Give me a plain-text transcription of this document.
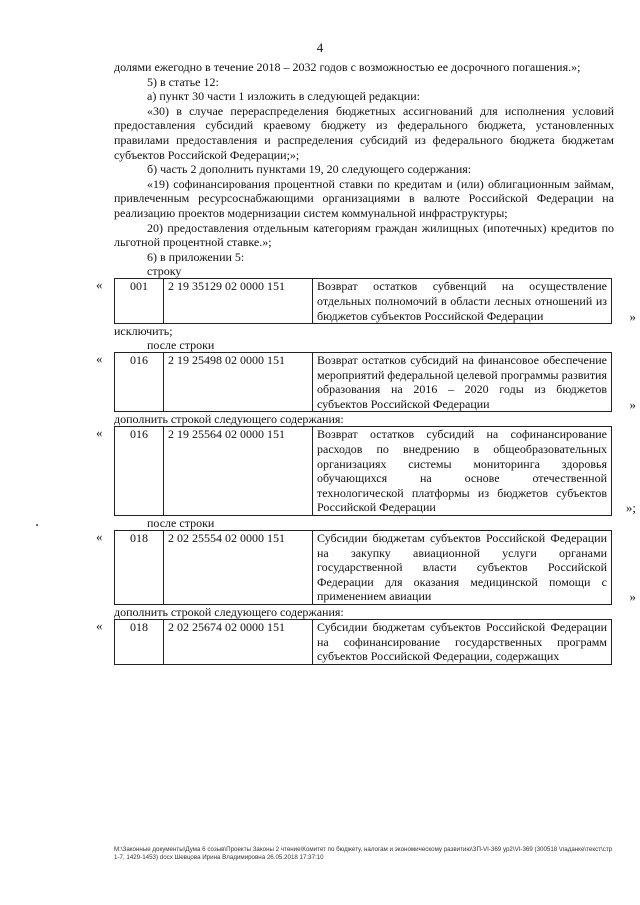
4

долями ежегодно в течение 2018 – 2032 годов с возможностью ее досрочного погашения.»;

5) в статье 12:

а) пункт 30 части 1 изложить в следующей редакции:

«30) в случае перераспределения бюджетных ассигнований для исполнения условий предоставления субсидий краевому бюджету из федерального бюджета, установленных правилами предоставления и распределения субсидий из федерального бюджета бюджетам субъектов Российской Федерации;»;

б) часть 2 дополнить пунктами 19, 20 следующего содержания:

«19) софинансирования процентной ставки по кредитам и (или) облигационным займам, привлеченным ресурсоснабжающими организациями в валюте Российской Федерации на реализацию проектов модернизации систем коммунальной инфраструктуры;

20) предоставления отдельным категориям граждан жилищных (ипотечных) кредитов по льготной процентной ставке.»;

6) в приложении 5:

строку

« 001	2 19 35129 02 0000 151	Возврат остатков субвенций на осуществление отдельных полномочий в области лесных отношений из бюджетов субъектов Российской Федерации	»

исключить;

после строки

« 016	2 19 25498 02 0000 151	Возврат остатков субсидий на финансовое обеспечение мероприятий федеральной целевой программы развития образования на 2016 – 2020 годы из бюджетов субъектов Российской Федерации	»

дополнить строкой следующего содержания:

« 016	2 19 25564 02 0000 151	Возврат остатков субсидий на софинансирование расходов по внедрению в общеобразовательных организациях системы мониторинга здоровья обучающихся на основе отечественной технологической платформы из бюджетов субъектов Российской Федерации	»;

после строки

« 018	2 02 25554 02 0000 151	Субсидии бюджетам субъектов Российской Федерации на закупку авиационной услуги органами государственной власти субъектов Российской Федерации для оказания медицинской помощи с применением авиации	»

дополнить строкой следующего содержания:

« 018	2 02 25674 02 0000 151	Субсидии бюджетам субъектов Российской Федерации на софинансирование государственных программ субъектов Российской Федерации, содержащих
М:\Законные документы\Дума 6 созыв\Проекты Законы 2 чтение\Комитет по бюджету, налогам и экономическому развитию\ЗП-VI-369 ур2\VI-369 (300518 \ладанке\текст\стр 1-7, 1429-1453) docx Шевцова Ирина Владимировна 26.05.2018 17:37:10
